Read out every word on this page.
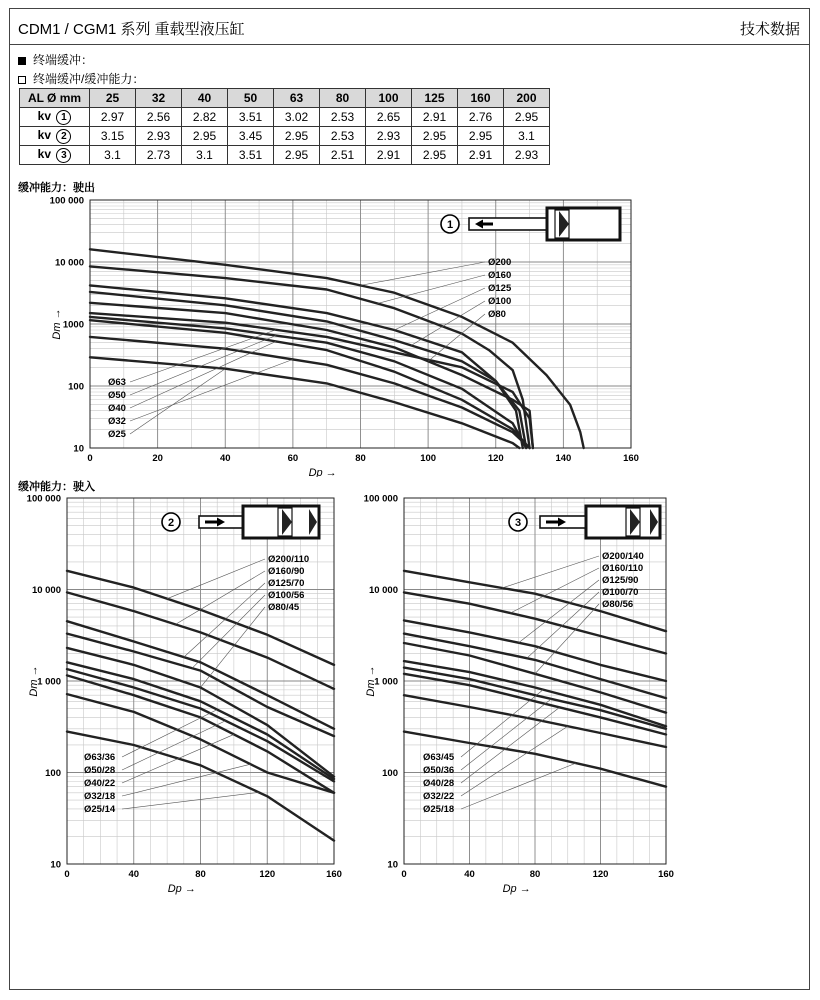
CDM1 / CGM1 系列 重载型液压缸	技术数据
终端缓冲：
终端缓冲/缓冲能力：
AL Ø mm	25	32	40	50	63	80	100	125	160	200
kv 1	2.97	2.56	2.82	3.51	3.02	2.53	2.65	2.91	2.76	2.95
kv 2	3.15	2.93	2.95	3.45	2.95	2.53	2.93	2.95	2.95	3.1
kv 3	3.1	2.73	3.1	3.51	2.95	2.51	2.91	2.95	2.91	2.93
缓冲能力：驶出
缓冲能力：驶入
0	20	40	60	80	100	120	140	160
10
100
1000
10 000
100 000
Dp →
Dm →
Ø200
Ø160
Ø125
Ø100
Ø80
Ø63
Ø50
Ø40
Ø32
Ø25
1
0	40	80	120	160
10
100
1 000
10 000
100 000
Dp →
Dm →
Ø200/110
Ø160/90
Ø125/70
Ø100/56
Ø80/45
Ø63/36
Ø50/28
Ø40/22
Ø32/18
Ø25/14
2
0	40	80	120	160
10
100
1 000
10 000
100 000
Dp →
Dm →
Ø200/140
Ø160/110
Ø125/90
Ø100/70
Ø80/56
Ø63/45
Ø50/36
Ø40/28
Ø32/22
Ø25/18
3
